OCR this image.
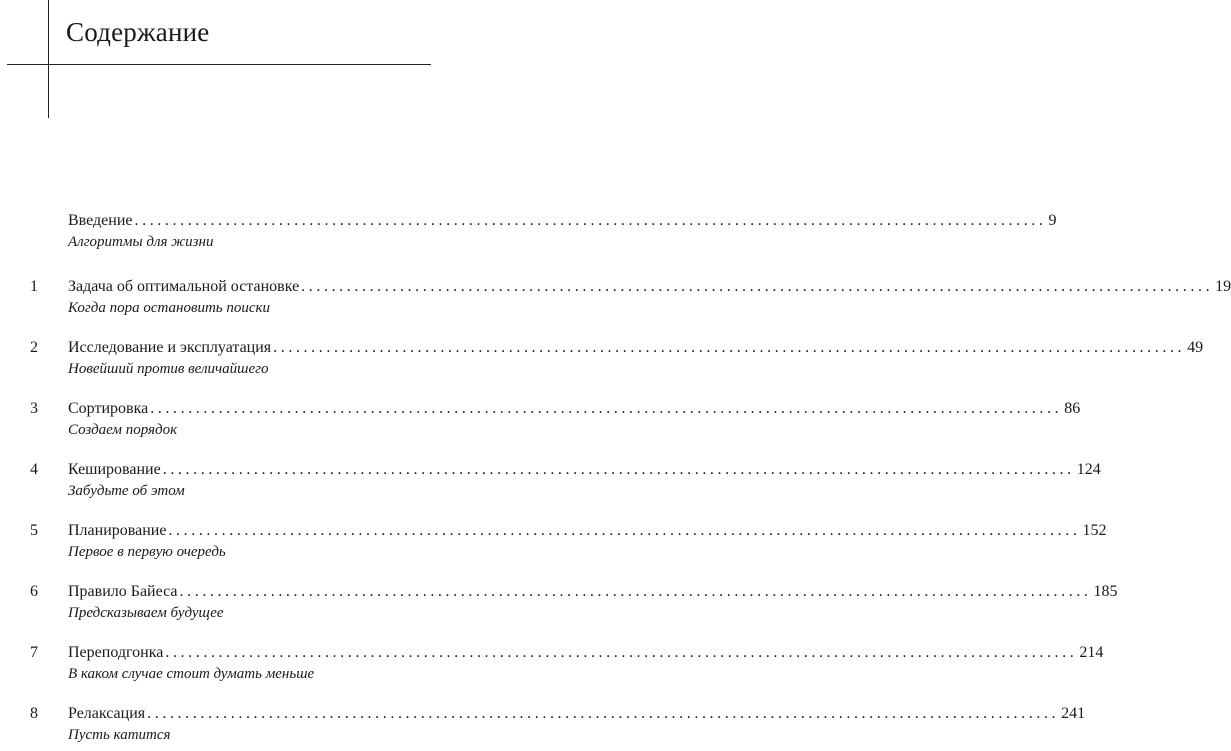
Содержание
Введение ........................................................................................................................ 9
Алгоритмы для жизни
1 Задача об оптимальной остановке ........................................................................................................................ 19
Когда пора остановить поиски
2 Исследование и эксплуатация ........................................................................................................................ 49
Новейший против величайшего
3 Сортировка ........................................................................................................................ 86
Создаем порядок
4 Кеширование ........................................................................................................................ 124
Забудьте об этом
5 Планирование ........................................................................................................................ 152
Первое в первую очередь
6 Правило Байеса ........................................................................................................................ 185
Предсказываем будущее
7 Переподгонка ........................................................................................................................ 214
В каком случае стоит думать меньше
8 Релаксация ........................................................................................................................ 241
Пусть катится
